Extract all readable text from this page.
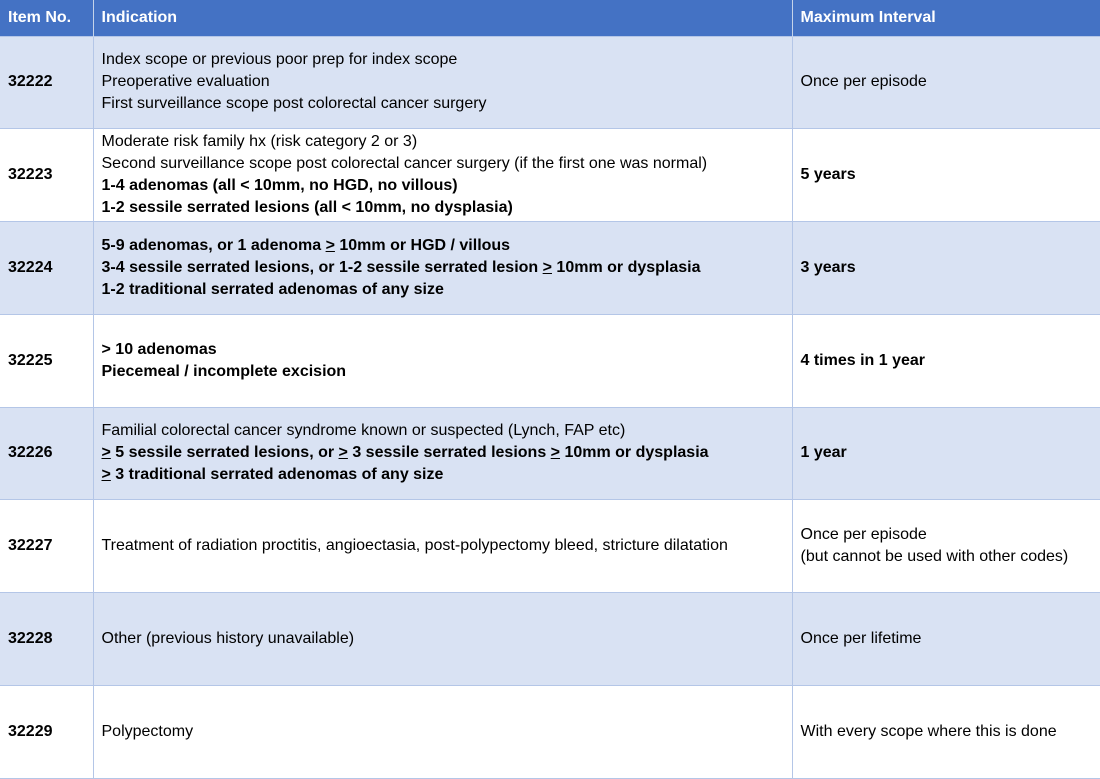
Item No.	Indication	Maximum Interval
32222	Index scope or previous poor prep for index scope
Preoperative evaluation
First surveillance scope post colorectal cancer surgery	Once per episode

32223	Moderate risk family hx (risk category 2 or 3)
Second surveillance scope post colorectal cancer surgery (if the first one was normal)
1-4 adenomas (all < 10mm, no HGD, no villous)
1-2 sessile serrated lesions (all < 10mm, no dysplasia)	5 years

32224	5-9 adenomas, or 1 adenoma ≥ 10mm or HGD / villous
3-4 sessile serrated lesions, or 1-2 sessile serrated lesion ≥ 10mm or dysplasia
1-2 traditional serrated adenomas of any size	3 years

32225	> 10 adenomas
Piecemeal / incomplete excision	4 times in 1 year

32226	Familial colorectal cancer syndrome known or suspected (Lynch, FAP etc)
≥ 5 sessile serrated lesions, or ≥ 3 sessile serrated lesions ≥ 10mm or dysplasia
≥ 3 traditional serrated adenomas of any size	1 year

32227	Treatment of radiation proctitis, angioectasia, post-polypectomy bleed, stricture dilatation	Once per episode
(but cannot be used with other codes)

32228	Other (previous history unavailable)	Once per lifetime

32229	Polypectomy	With every scope where this is done
